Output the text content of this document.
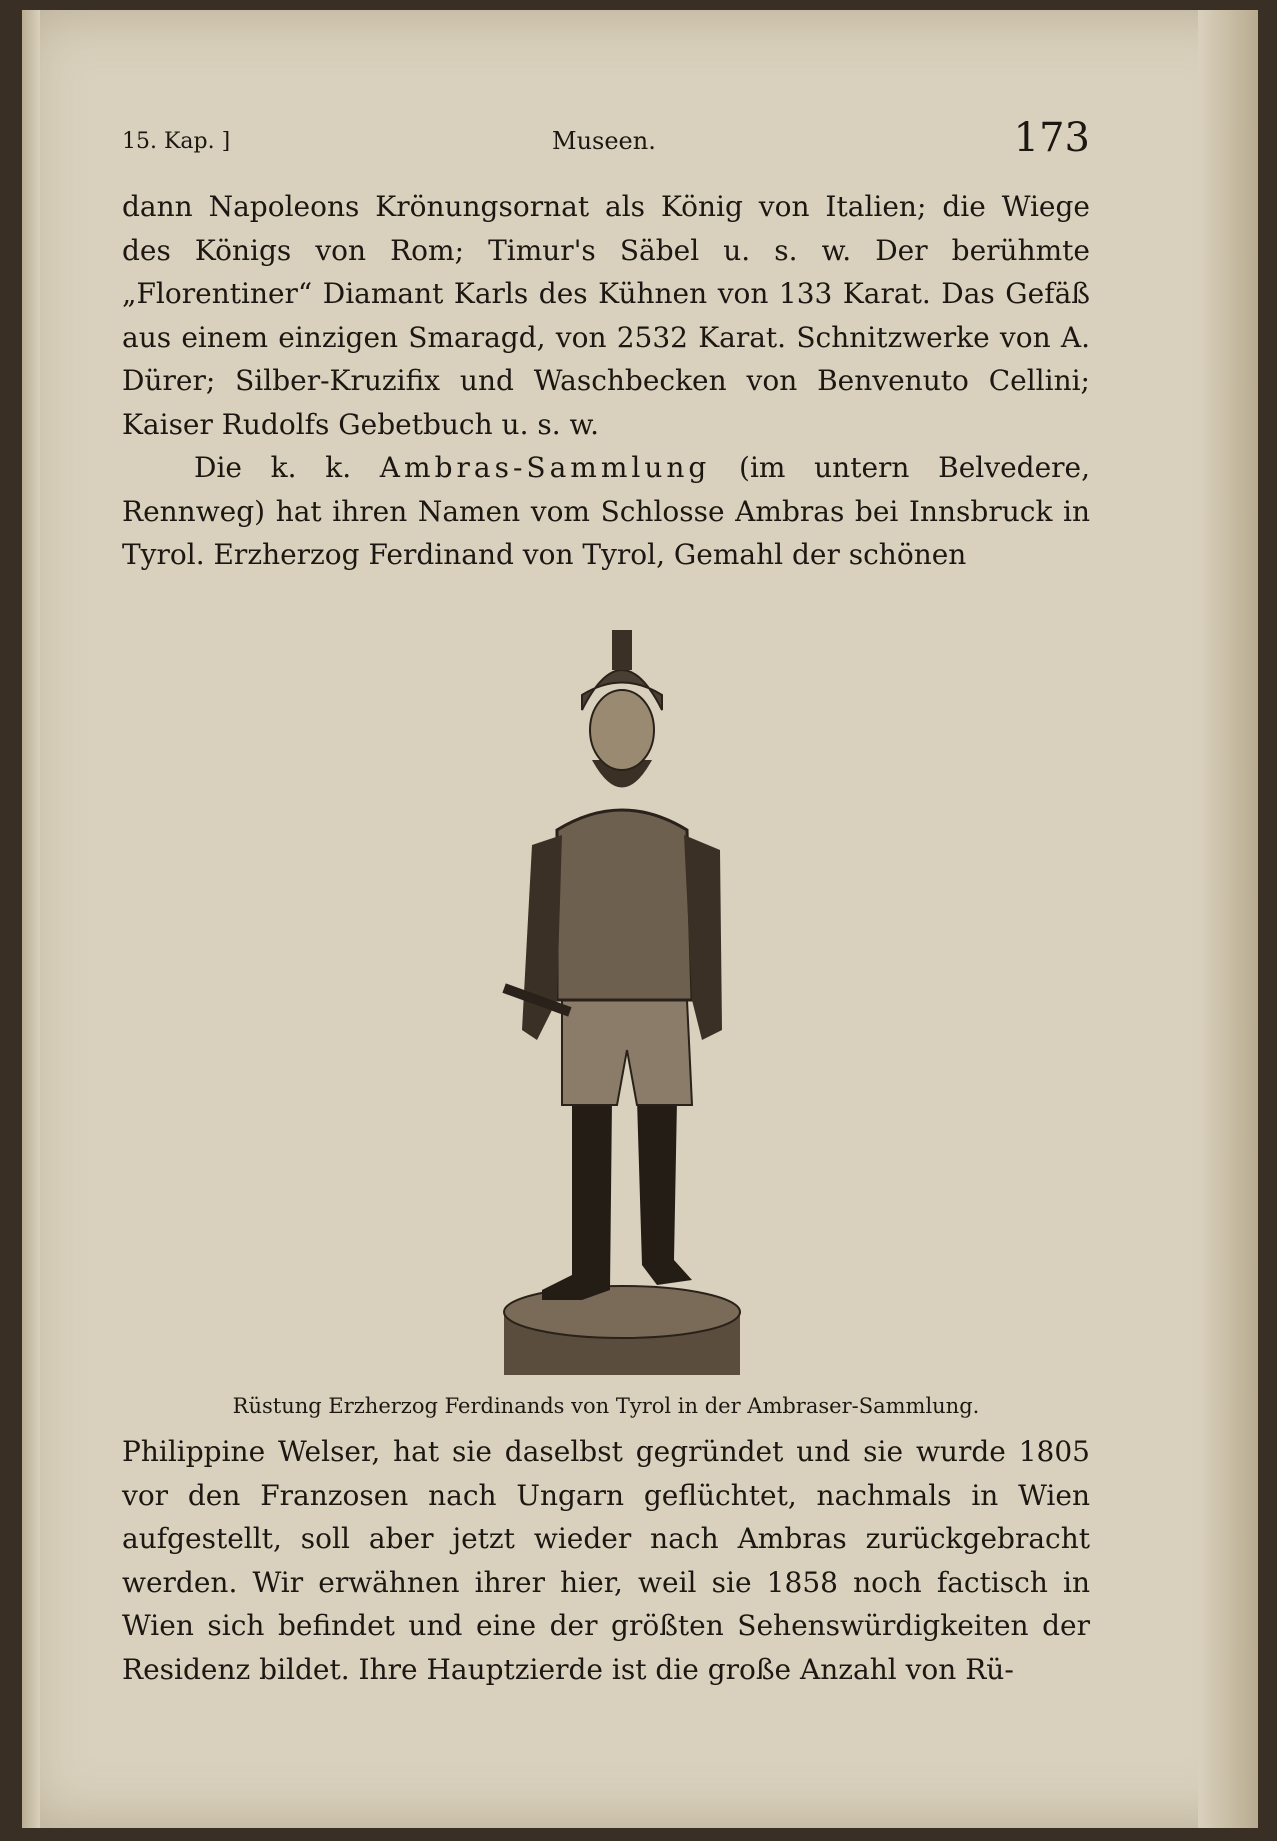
15. Kap. ]	Museen.	173

dann Napoleons Krönungsornat als König von Italien; die Wiege des Königs von Rom; Timur's Säbel u. s. w. Der berühmte „Florentiner“ Diamant Karls des Kühnen von 133 Karat. Das Gefäß aus einem einzigen Smaragd, von 2532 Karat. Schnitzwerke von A. Dürer; Silber-Kruzifix und Waschbecken von Benvenuto Cellini; Kaiser Rudolfs Gebetbuch u. s. w.

Die k. k. Ambras-Sammlung (im untern Belvedere, Rennweg) hat ihren Namen vom Schlosse Ambras bei Innsbruck in Tyrol. Erzherzog Ferdinand von Tyrol, Gemahl der schönen

Rüstung Erzherzog Ferdinands von Tyrol in der Ambraser-Sammlung.

Philippine Welser, hat sie daselbst gegründet und sie wurde 1805 vor den Franzosen nach Ungarn geflüchtet, nachmals in Wien aufgestellt, soll aber jetzt wieder nach Ambras zurückgebracht werden. Wir erwähnen ihrer hier, weil sie 1858 noch factisch in Wien sich befindet und eine der größten Sehenswürdigkeiten der Residenz bildet. Ihre Hauptzierde ist die große Anzahl von Rü-
